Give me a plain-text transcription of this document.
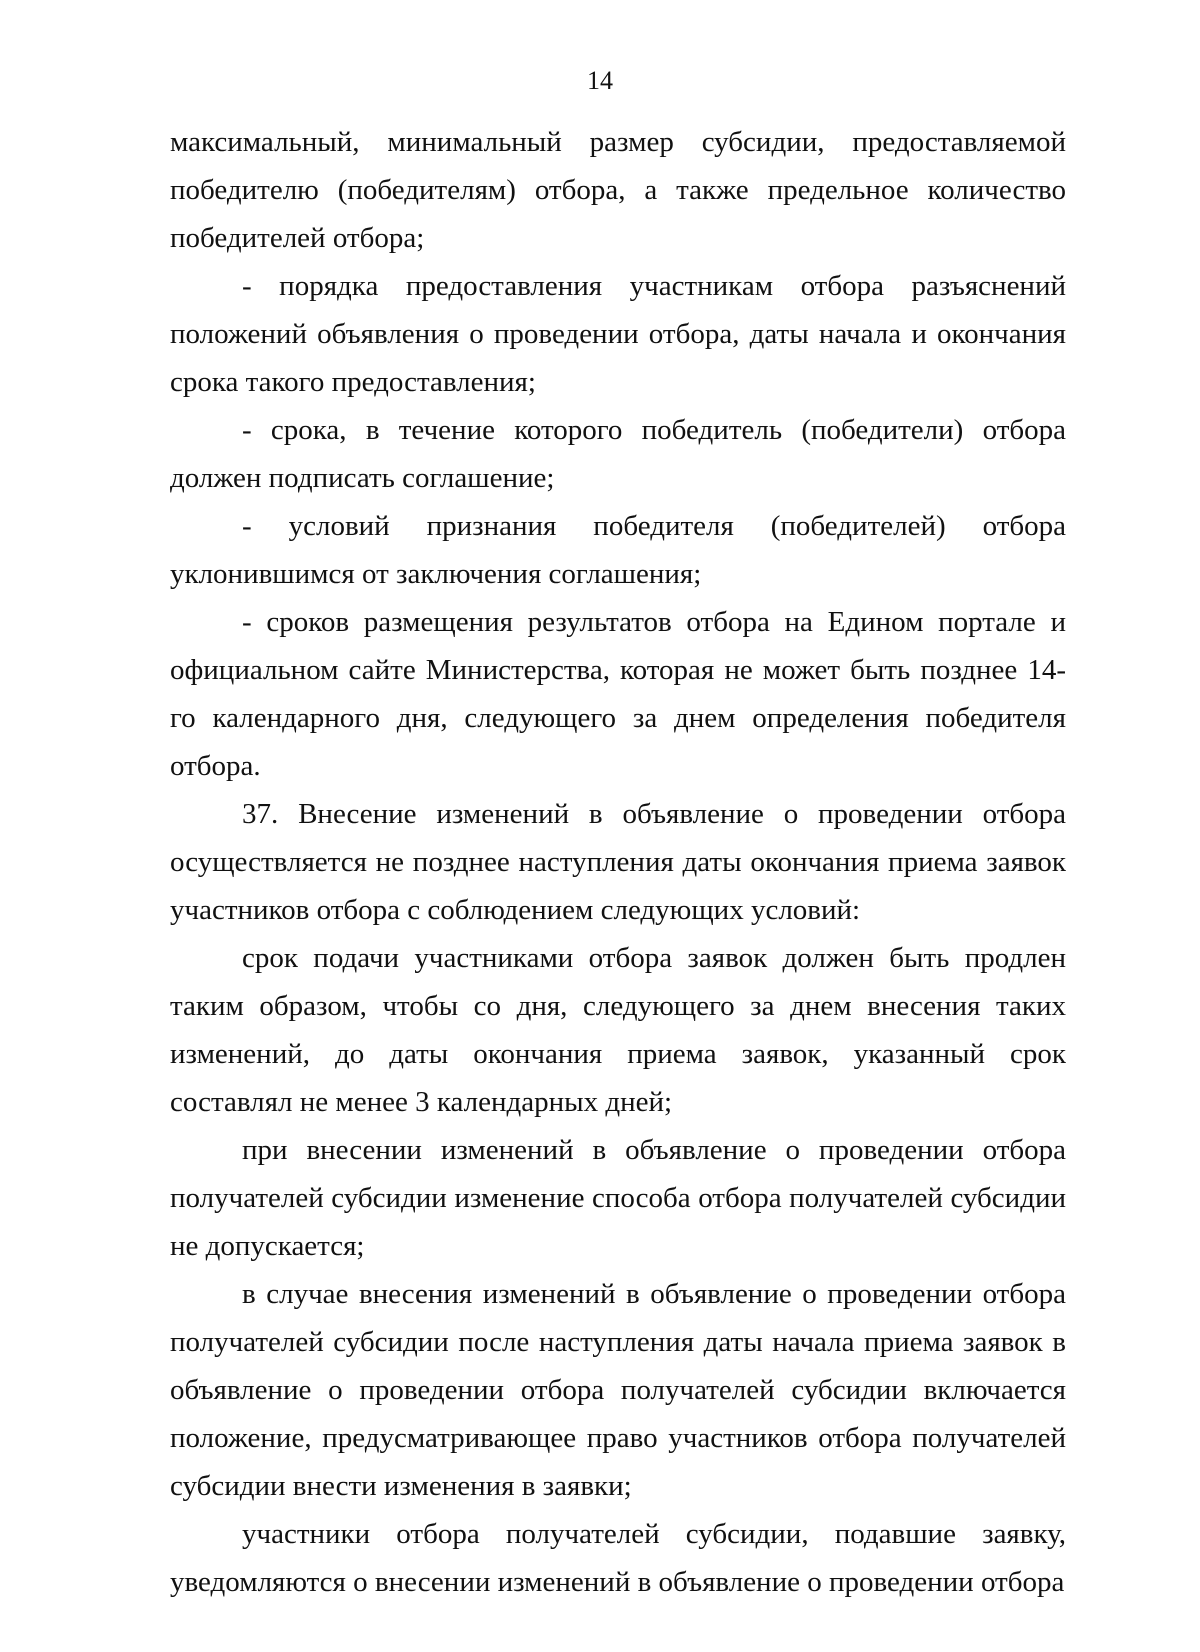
14

максимальный, минимальный размер субсидии, предоставляемой победителю (победителям) отбора, а также предельное количество победителей отбора;

- порядка предоставления участникам отбора разъяснений положений объявления о проведении отбора, даты начала и окончания срока такого предоставления;

- срока, в течение которого победитель (победители) отбора должен подписать соглашение;

- условий признания победителя (победителей) отбора уклонившимся от заключения соглашения;

- сроков размещения результатов отбора на Едином портале и официальном сайте Министерства, которая не может быть позднее 14-го календарного дня, следующего за днем определения победителя отбора.

37. Внесение изменений в объявление о проведении отбора осуществляется не позднее наступления даты окончания приема заявок участников отбора с соблюдением следующих условий:

срок подачи участниками отбора заявок должен быть продлен таким образом, чтобы со дня, следующего за днем внесения таких изменений, до даты окончания приема заявок, указанный срок составлял не менее 3 календарных дней;

при внесении изменений в объявление о проведении отбора получателей субсидии изменение способа отбора получателей субсидии не допускается;

в случае внесения изменений в объявление о проведении отбора получателей субсидии после наступления даты начала приема заявок в объявление о проведении отбора получателей субсидии включается положение, предусматривающее право участников отбора получателей субсидии внести изменения в заявки;

участники отбора получателей субсидии, подавшие заявку, уведомляются о внесении изменений в объявление о проведении отбора
